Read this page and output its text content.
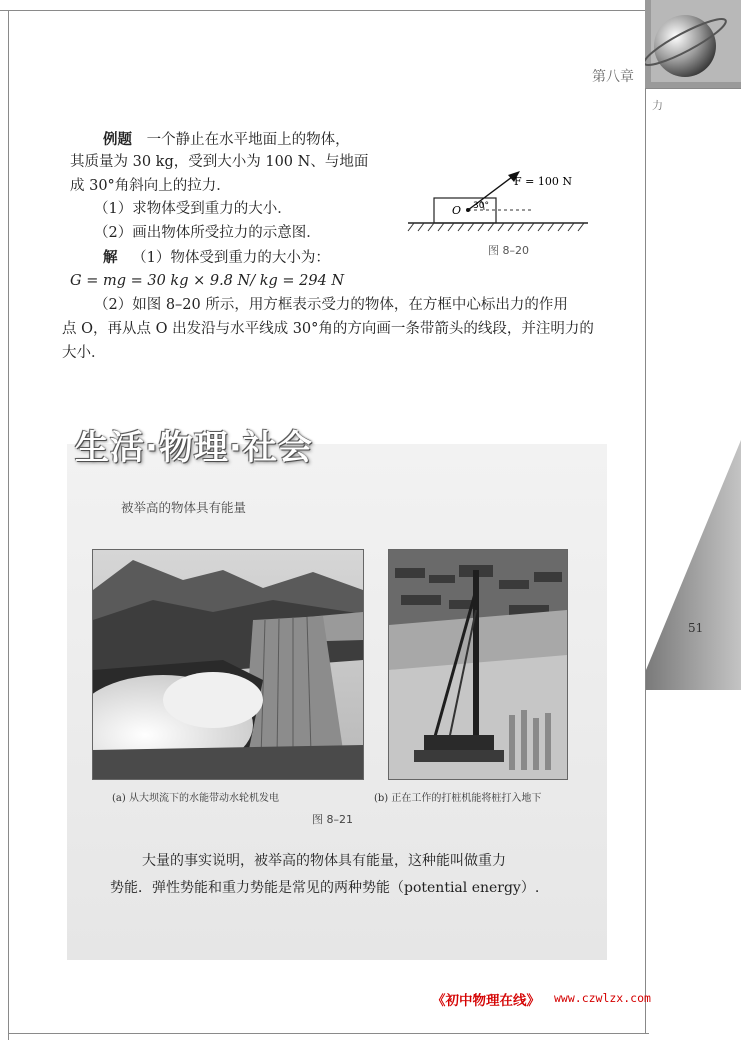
第八章
力
51
例题 一个静止在水平地面上的物体，
其质量为 30 kg，受到大小为 100 N、与地面
成 30°角斜向上的拉力．
（1）求物体受到重力的大小．
（2）画出物体所受拉力的示意图．
解 （1）物体受到重力的大小为：
G = mg = 30 kg × 9.8 N/ kg = 294 N
（2）如图 8–20 所示，用方框表示受力的物体，在方框中心标出力的作用
点 O，再从点 O 出发沿与水平线成 30°角的方向画一条带箭头的线段，并注明力的
大小．
O 30°
F = 100 N
图 8–20
生活·物理·社会
被举高的物体具有能量
(a) 从大坝流下的水能带动水轮机发电	(b) 正在工作的打桩机能将桩打入地下
图 8–21
大量的事实说明，被举高的物体具有能量，这种能叫做重力
势能．弹性势能和重力势能是常见的两种势能（potential energy）.
《初中物理在线》 www.czwlzx.com
